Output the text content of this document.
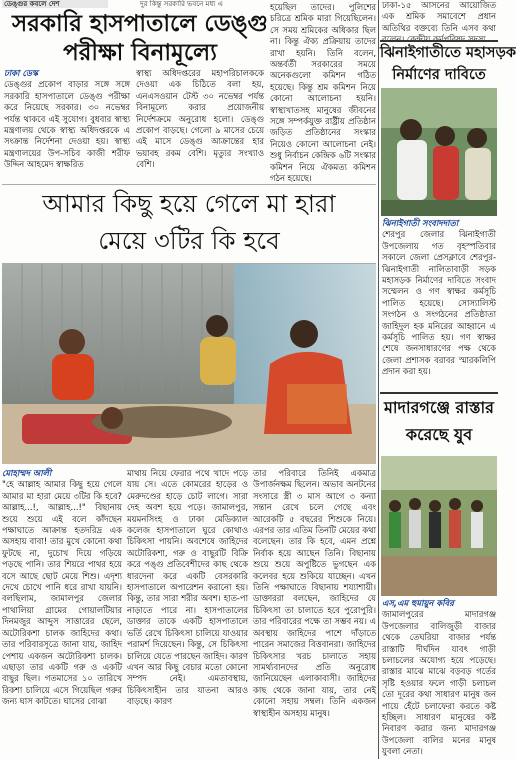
ডেঙ্গুর কবলে দেশ	দুর কিন্তু সরকারি ভবনে মধ্য এ
সরকারি হাসপাতালে ডেঙ্গু
পরীক্ষা বিনামূল্যে
ঢাকা ডেস্ক
ডেঙ্গুর প্রকোপ বাড়ার সঙ্গে সঙ্গে সরকারি হাসপাতালে ডেঙ্গু পরীক্ষা করে নিয়েছে সরকার। ৩০ নভেম্বর পর্যন্ত থাকবে এই সুযোগ। বুধবার স্বাস্থ্য মন্ত্রণালয় থেকে স্বাস্থ্য অধিদপ্তরকে এ সংক্রান্ত নির্দেশনা দেওয়া হয়। স্বাস্থ্য মন্ত্রণালয়ের উপ-সচিব কাজী শরীফ উদ্দিন আহমেদ স্বাক্ষরিত
স্বাস্থ্য অধিদপ্তরের মহাপরিচালককে দেওয়া এক চিঠিতে বলা হয়, এনএসওয়ান টেস্ট ৩০ নভেম্বর পর্যন্ত বিনামূল্যে করার প্রয়োজনীয় নির্দেশক্রমে অনুরোধ হলো। ডেঙ্গু প্রকোপ বাড়ছে। গেলো ৯ মাসের চেয়ে এই মাসে ডেঙ্গু আক্রান্তের হার ভয়াবহ রকম বেশি। মৃত্যুর সংখ্যাও বেশি।
হয়েছিল তাদের। পুলিশের চরিত্রে শ্রমিক মারা গিয়েছিলেন। সে সময় শ্রমিকের অধিকার ছিল না। কিন্তু ঐক্য প্রক্রিয়ায় তাদের রাখা হয়নি। তিনি বলেন, অন্তর্বর্তী সরকারের সময়ে অনেকগুলো কমিশন গঠিত হয়েছে। কিন্তু শ্রম কমিশন নিয়ে কোনো আলোচনা হয়নি। স্বাস্থ্যখাতসহ মানুষের জীবনের সঙ্গে সম্পর্কযুক্ত রাষ্ট্রীয় প্রতিষ্ঠান জড়িত প্রতিষ্ঠানের সংস্কার নিয়েও কোনো আলোচনা নেই। শুধু নির্বাচন কেন্দ্রিক ৬টি সংস্কার কমিশন নিয়ে ঐকমত্য কমিশন গঠন হয়েছে।
আমার কিছু হয়ে গেলে মা হারা
মেয়ে ৩টির কি হবে
মোহাম্মদ আলী
"হে আল্লাহ আমার কিছু হয়ে গেলে আমার মা হারা মেয়ে ৩টির কি হবে? আল্লাহ...!, আল্লাহ...!" বিছানায় শুয়ে শুয়ে এই বলে কাঁদছেন পক্ষাঘাতে আক্রান্ত হতদরিদ্র এক অসহায় বাবা! তার মুখে কোনো কথা ফুটছে না, দুচোখ দিয়ে গড়িয়ে পড়ছে পানি। তার শিয়রে পাথর হয়ে বসে আছে ছোট মেয়ে শিশু। এদৃশ্য দেখে চোখে পানি ধরে রাখা যায়নি। বলছিলাম, জামালপুর জেলার পাথালিয়া গ্রামের গোয়ালটিয়ার দিনমজুর আব্দুস সাত্তারের ছেলে, অটোরিকশা চালক জাহিদের কথা। তার পরিবারসূত্রে জানা যায়, জাহিদ পেশায় একজন অটোরিকশা চালক। এছাড়া তার একটি গরু ও একটি বাছুর ছিল। গতমাসের ১০ তারিখে রিকশা চালিয়ে এসে গিয়েছিল গরুর জন্য ঘাস কাটতে। ঘাসের বোঝা
মাথায় নিয়ে ফেরার পথে খাদে পড়ে যায় সে। এতে কোমরের হাড়ের ও মেরুদণ্ডের হাড়ে চোট লাগে। সারা দেহ অবশ হয়ে পড়ে। জামালপুর, ময়মনসিংহ ও ঢাকা মেডিক্যাল কলেজ হাসপাতালে ঘুরে কোথাও চিকিৎসা পায়নি। অবশেষে জাহিদের অটোরিকশা, গরু ও বাছুরটি বিক্রি করে পঙ্গু প্রতিবেশীদের কাছ থেকে ধারদেনা করে একটি বেসরকারি হাসপাতালে অপারেশন করানো হয়। কিন্তু, তার সারা শরীর অবশ। হাত-পা নাড়াতে পারে না। হাসপাতালের ডাক্তার তাকে একটি হাসপাতালে ভর্তি রেখে চিকিৎসা চালিয়ে যাওয়ার পরামর্শ দিয়েছেন। কিন্তু, সে চিকিৎসা চালিয়ে যেতে পারছেন জাহিদ। কারণ এখন আর কিছু বেচার মতো কোনো সম্পদ নেই। এমতাবস্থায়, চিকিৎসাহীন তার যাতনা আরও বাড়ছে। কারণ
তার পরিবারে তিনিই একমাত্র উপার্জনক্ষম ছিলেন। অভাব অনটনের সংসারে স্ত্রী ৩ মাস আগে ৩ কন্যা সন্তান রেখে চলে গেছে এবং আরেকটি ৫ বছরের শিশুকে নিয়ে। এরপর তার এতিম তিনটি মেয়ের কথা বলেছেন। তার কি হবে, এমন প্রশ্নে নির্বাক হয়ে আছেন তিনি। বিছানায় শুয়ে শুয়ে অপুষ্টিতে ভুগছেন এক কলেবর হয়ে শুকিয়ে যাচ্ছেন। এখন তিনি পক্ষাঘাতে বিছানায় শয্যাশায়ী। ডাক্তাররা বলছেন, জাহিদের যে চিকিৎসা তা চালাতে হবে পুরোপুরি। তার পরিবারের পক্ষে তা সম্ভব নয়। এ অবস্থায় জাহিদের পাশে দাঁড়াতে পারেন সমাজের বিত্তবানরা। জাহিদের চিকিৎসার খরচ চালাতে সহায় সামর্থ্যবানদের প্রতি অনুরোধ জানিয়েছেন এলাকাবাসী। জাহিদের কাছ থেকে জানা যায়, তার নেই কোনো সহায় সম্বল। তিনি একজন স্বাস্থ্যহীন অসহায় মানুষ।
ঢাকা-১৫ আসনের আয়োজিত এক শ্রমিক সমাবেশে প্রধান অতিথির বক্তব্যে তিনি এসব কথা বলেন। কেন্দ্রীয় কর্মপরিষদ সদস্য
ঝিনাইগাতীতে মহাসড়ক
নির্মাণের দাবিতে
ঝিনাইগাতী সংবাদদাতা
শেরপুর জেলার ঝিনাইগাতী উপজেলায় গত বৃহস্পতিবার সকালে জেলা প্রেসক্লাবে শেরপুর-ঝিনাইগাতী নালিতাবাড়ী সড়ক মহাসড়ক নির্মাণের দাবিতে সংবাদ সম্মেলন ও গণ স্বাক্ষর কর্মসূচি পালিত হয়েছে। সোস্যালিস্ট সংগঠন ও সংগঠনের প্রতিষ্ঠাতা জাহিদুল হক মনিরের আহ্বানে এ কর্মসূচি পালিত হয়। গণ স্বাক্ষর শেষে জনসাধারণের পক্ষ থেকে জেলা প্রশাসক বরাবর স্মারকলিপি প্রদান করা হয়।
মাদারগঞ্জে রাস্তার
করেছে যুব
এস,এম হুমায়ুন কবির
জামালপুরের মাদারগঞ্জ উপজেলার বালিজুড়ী বাজার থেকে তেঘরিয়া বাজার পর্যন্ত রাস্তাটি দীর্ঘদিন যাবৎ গাড়ী চলাচলের অযোগ্য হয়ে পড়েছে। রাস্তার মাঝে মাঝে বড়বড় গর্তের সৃষ্টি হওয়ার ফলে গাড়ী চলাচল তো দূরের কথা সাধারণ মানুষ জন পায়ে হেঁটে চলাফেরা করতে কষ্ট হচ্ছিল। সাধারণ মানুষের কষ্ট নিবারণ করার জন্য মাদারগঞ্জ উপজেলা বালির মনের মানুষ যুবলা নেতা।
